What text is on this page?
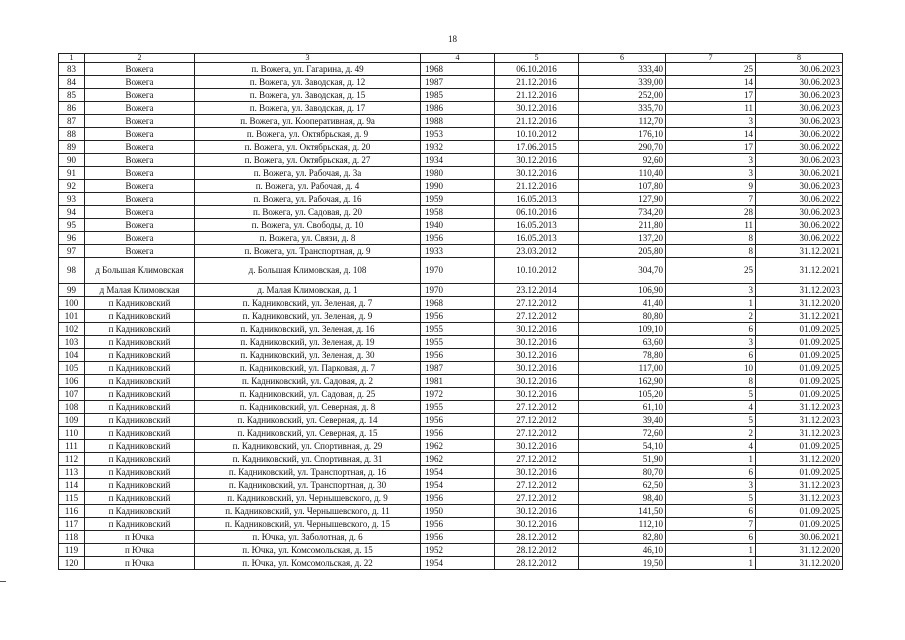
18
1	2	3	4	5	6	7	8
83	Вожега	п. Вожега, ул. Гагарина, д. 49	1968	06.10.2016	333,40	25	30.06.2023
84	Вожега	п. Вожега, ул. Заводская, д. 12	1987	21.12.2016	339,00	14	30.06.2023
85	Вожега	п. Вожега, ул. Заводская, д. 15	1985	21.12.2016	252,00	17	30.06.2023
86	Вожега	п. Вожега, ул. Заводская, д. 17	1986	30.12.2016	335,70	11	30.06.2023
87	Вожега	п. Вожега, ул. Кооперативная, д. 9а	1988	21.12.2016	112,70	3	30.06.2023
88	Вожега	п. Вожега, ул. Октябрьская, д. 9	1953	10.10.2012	176,10	14	30.06.2022
89	Вожега	п. Вожега, ул. Октябрьская, д. 20	1932	17.06.2015	290,70	17	30.06.2022
90	Вожега	п. Вожега, ул. Октябрьская, д. 27	1934	30.12.2016	92,60	3	30.06.2023
91	Вожега	п. Вожега, ул. Рабочая, д. 3а	1980	30.12.2016	110,40	3	30.06.2021
92	Вожега	п. Вожега, ул. Рабочая, д. 4	1990	21.12.2016	107,80	9	30.06.2023
93	Вожега	п. Вожега, ул. Рабочая, д. 16	1959	16.05.2013	127,90	7	30.06.2022
94	Вожега	п. Вожега, ул. Садовая, д. 20	1958	06.10.2016	734,20	28	30.06.2023
95	Вожега	п. Вожега, ул. Свободы, д. 10	1940	16.05.2013	211,80	11	30.06.2022
96	Вожега	п. Вожега, ул. Связи, д. 8	1956	16.05.2013	137,20	8	30.06.2022
97	Вожега	п. Вожега, ул. Транспортная, д. 9	1933	23.03.2012	205,80	8	31.12.2021
98	д Большая Климовская	д. Большая Климовская, д. 108	1970	10.10.2012	304,70	25	31.12.2021
99	д Малая Климовская	д. Малая Климовская, д. 1	1970	23.12.2014	106,90	3	31.12.2023
100	п Кадниковский	п. Кадниковский, ул. Зеленая, д. 7	1968	27.12.2012	41,40	1	31.12.2020
101	п Кадниковский	п. Кадниковский, ул. Зеленая, д. 9	1956	27.12.2012	80,80	2	31.12.2021
102	п Кадниковский	п. Кадниковский, ул. Зеленая, д. 16	1955	30.12.2016	109,10	6	01.09.2025
103	п Кадниковский	п. Кадниковский, ул. Зеленая, д. 19	1955	30.12.2016	63,60	3	01.09.2025
104	п Кадниковский	п. Кадниковский, ул. Зеленая, д. 30	1956	30.12.2016	78,80	6	01.09.2025
105	п Кадниковский	п. Кадниковский, ул. Парковая, д. 7	1987	30.12.2016	117,00	10	01.09.2025
106	п Кадниковский	п. Кадниковский, ул. Садовая, д. 2	1981	30.12.2016	162,90	8	01.09.2025
107	п Кадниковский	п. Кадниковский, ул. Садовая, д. 25	1972	30.12.2016	105,20	5	01.09.2025
108	п Кадниковский	п. Кадниковский, ул. Северная, д. 8	1955	27.12.2012	61,10	4	31.12.2023
109	п Кадниковский	п. Кадниковский, ул. Северная, д. 14	1956	27.12.2012	39,40	5	31.12.2023
110	п Кадниковский	п. Кадниковский, ул. Северная, д. 15	1956	27.12.2012	72,60	2	31.12.2023
111	п Кадниковский	п. Кадниковский, ул. Спортивная, д. 29	1962	30.12.2016	54,10	4	01.09.2025
112	п Кадниковский	п. Кадниковский, ул. Спортивная, д. 31	1962	27.12.2012	51,90	1	31.12.2020
113	п Кадниковский	п. Кадниковский, ул. Транспортная, д. 16	1954	30.12.2016	80,70	6	01.09.2025
114	п Кадниковский	п. Кадниковский, ул. Транспортная, д. 30	1954	27.12.2012	62,50	3	31.12.2023
115	п Кадниковский	п. Кадниковский, ул. Чернышевского, д. 9	1956	27.12.2012	98,40	5	31.12.2023
116	п Кадниковский	п. Кадниковский, ул. Чернышевского, д. 11	1950	30.12.2016	141,50	6	01.09.2025
117	п Кадниковский	п. Кадниковский, ул. Чернышевского, д. 15	1956	30.12.2016	112,10	7	01.09.2025
118	п Ючка	п. Ючка, ул. Заболотная, д. 6	1956	28.12.2012	82,80	6	30.06.2021
119	п Ючка	п. Ючка, ул. Комсомольская, д. 15	1952	28.12.2012	46,10	1	31.12.2020
120	п Ючка	п. Ючка, ул. Комсомольская, д. 22	1954	28.12.2012	19,50	1	31.12.2020
